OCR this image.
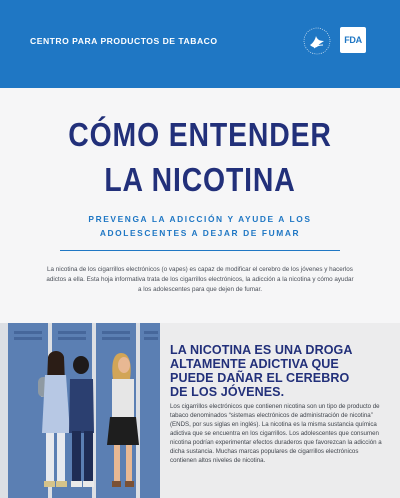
CENTRO PARA PRODUCTOS DE TABACO	FDA
CÓMO ENTENDER
LA NICOTINA
PREVENGA LA ADICCIÓN Y AYUDE A LOS
ADOLESCENTES A DEJAR DE FUMAR
La nicotina de los cigarrillos electrónicos (o vapes) es capaz de modificar el cerebro de los jóvenes y hacerlos adictos a ella. Esta hoja informativa trata de los cigarrillos electrónicos, la adicción a la nicotina y cómo ayudar a los adolescentes para que dejen de fumar.
LA NICOTINA ES UNA DROGA
ALTAMENTE ADICTIVA QUE
PUEDE DAÑAR EL CEREBRO
DE LOS JÓVENES.
Los cigarrillos electrónicos que contienen nicotina son un tipo de producto de tabaco denominados “sistemas electrónicos de administración de nicotina” (ENDS, por sus siglas en inglés). La nicotina es la misma sustancia química adictiva que se encuentra en los cigarrillos. Los adolescentes que consumen nicotina podrían experimentar efectos duraderos que favorezcan la adicción a dicha sustancia. Muchas marcas populares de cigarrillos electrónicos contienen altos niveles de nicotina.
